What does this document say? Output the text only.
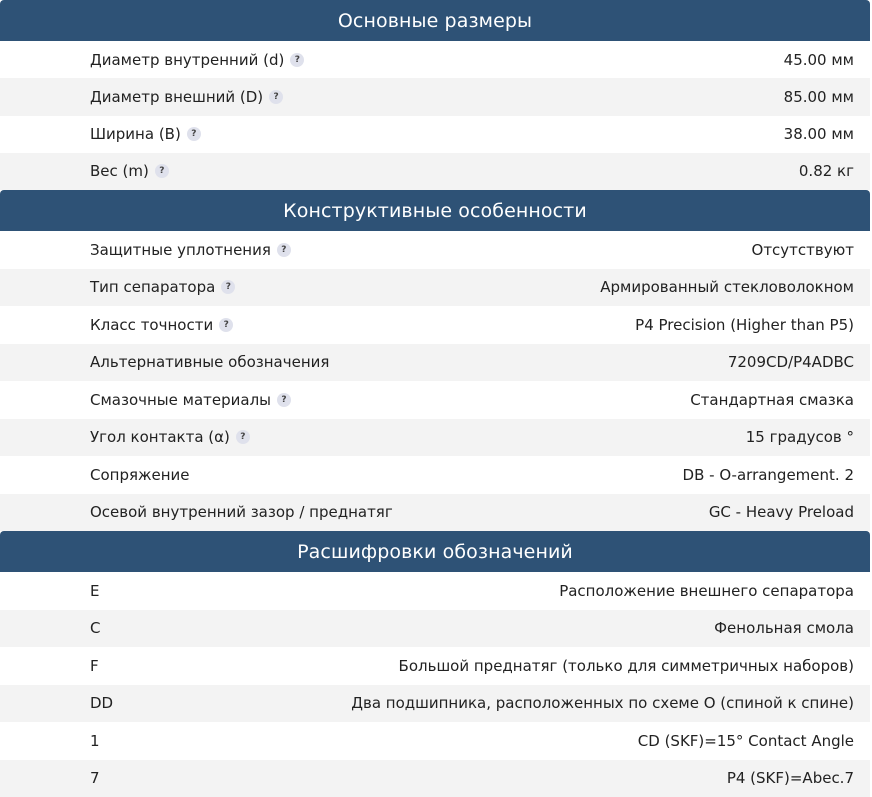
Основные размеры
Диаметр внутренний (d)	?	45.00 мм
Диаметр внешний (D)	?	85.00 мм
Ширина (B)	?	38.00 мм
Вес (m)	?	0.82 кг
Конструктивные особенности
Защитные уплотнения	?	Отсутствуют
Тип сепаратора	?	Армированный стекловолокном
Класс точности	?	P4 Precision (Higher than P5)
Альтернативные обозначения	7209CD/P4ADBC
Смазочные материалы	?	Стандартная смазка
Угол контакта (α)	?	15 градусов °
Сопряжение	DB - O-arrangement. 2
Осевой внутренний зазор / преднатяг	GC - Heavy Preload
Расшифровки обозначений
E	Расположение внешнего сепаратора
C	Фенольная смола
F	Большой преднатяг (только для симметричных наборов)
DD	Два подшипника, расположенных по схеме О (спиной к спине)
1	CD (SKF)=15° Contact Angle
7	P4 (SKF)=Abec.7
